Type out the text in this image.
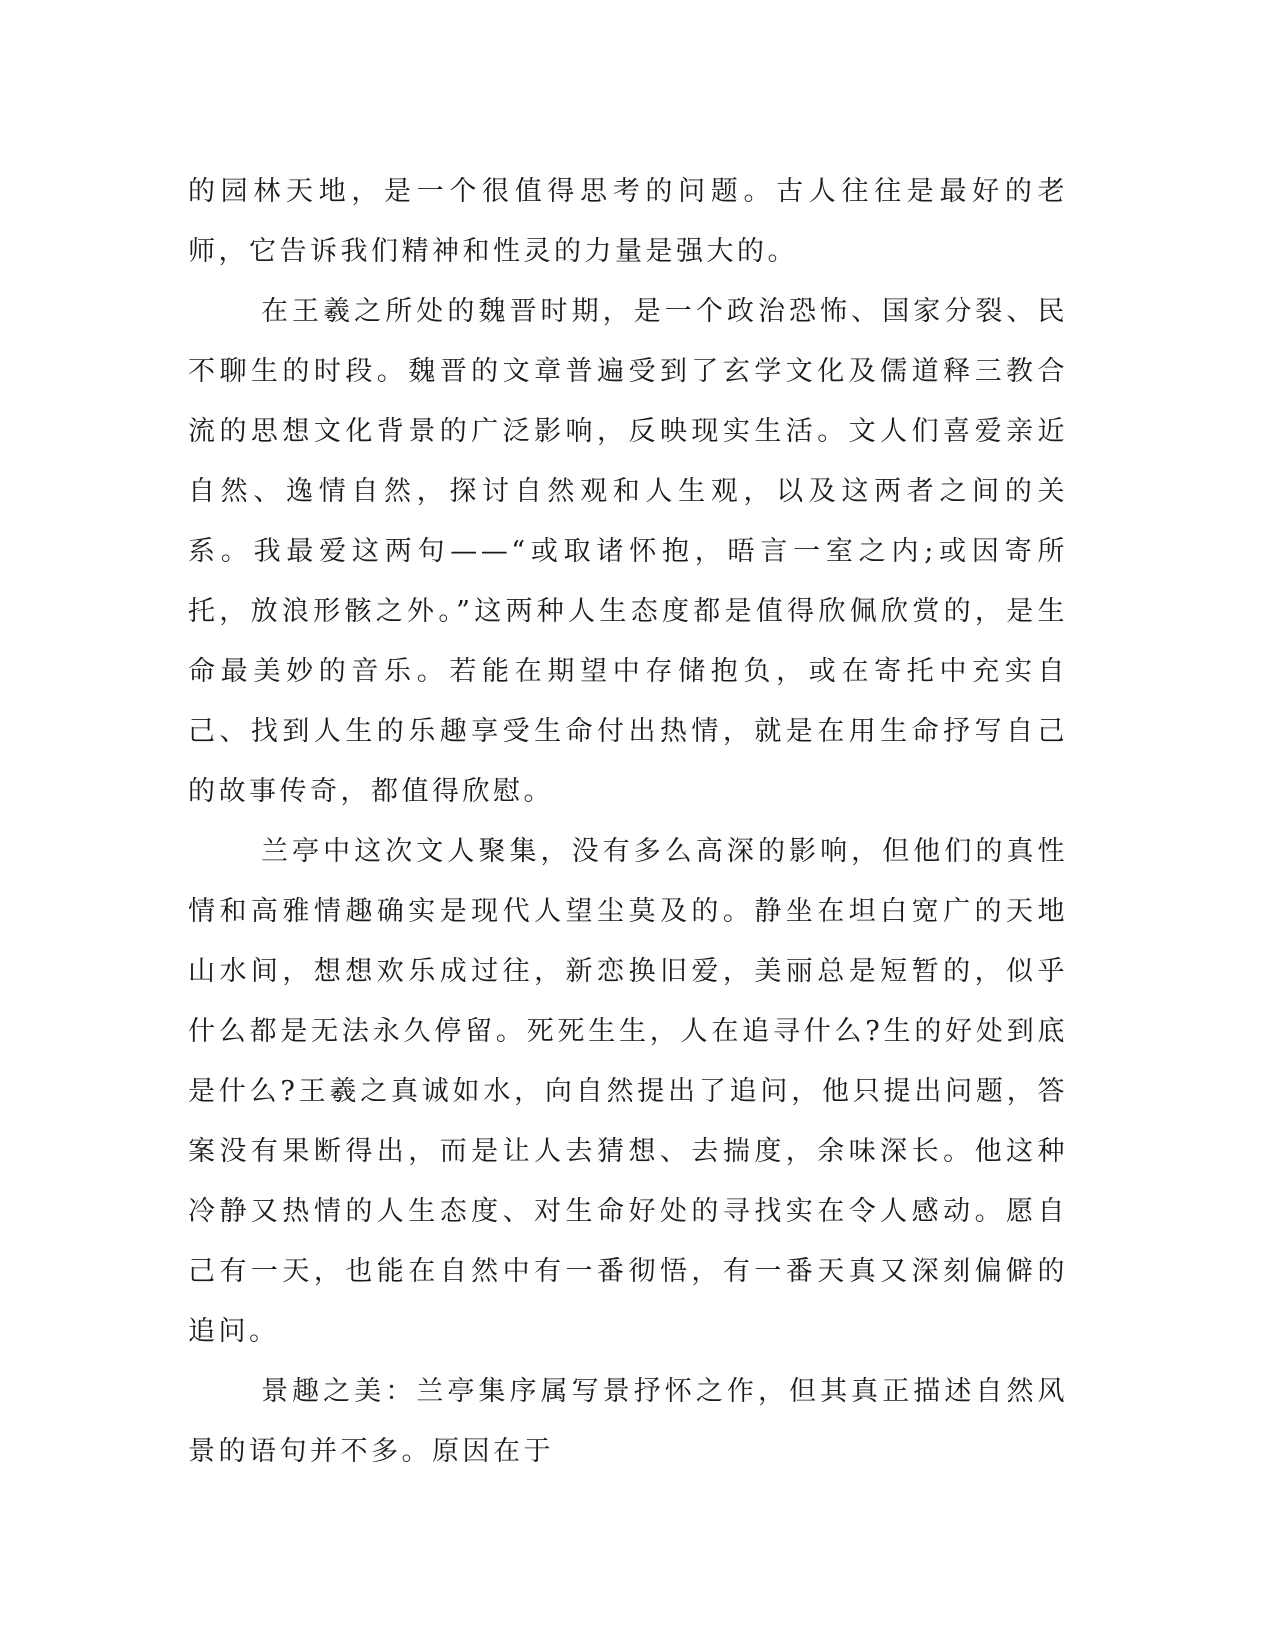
的园林天地，是一个很值得思考的问题。古人往往是最好的老师，它告诉我们精神和性灵的力量是强大的。

在王羲之所处的魏晋时期，是一个政治恐怖、国家分裂、民不聊生的时段。魏晋的文章普遍受到了玄学文化及儒道释三教合流的思想文化背景的广泛影响，反映现实生活。文人们喜爱亲近自然、逸情自然，探讨自然观和人生观，以及这两者之间的关系。我最爱这两句——“或取诸怀抱，晤言一室之内;或因寄所托，放浪形骸之外。”这两种人生态度都是值得欣佩欣赏的，是生命最美妙的音乐。若能在期望中存储抱负，或在寄托中充实自己、找到人生的乐趣享受生命付出热情，就是在用生命抒写自己的故事传奇，都值得欣慰。

兰亭中这次文人聚集，没有多么高深的影响，但他们的真性情和高雅情趣确实是现代人望尘莫及的。静坐在坦白宽广的天地山水间，想想欢乐成过往，新恋换旧爱，美丽总是短暂的，似乎什么都是无法永久停留。死死生生，人在追寻什么?生的好处到底是什么?王羲之真诚如水，向自然提出了追问，他只提出问题，答案没有果断得出，而是让人去猜想、去揣度，余味深长。他这种冷静又热情的人生态度、对生命好处的寻找实在令人感动。愿自己有一天，也能在自然中有一番彻悟，有一番天真又深刻偏僻的追问。

景趣之美：兰亭集序属写景抒怀之作，但其真正描述自然风景的语句并不多。原因在于
